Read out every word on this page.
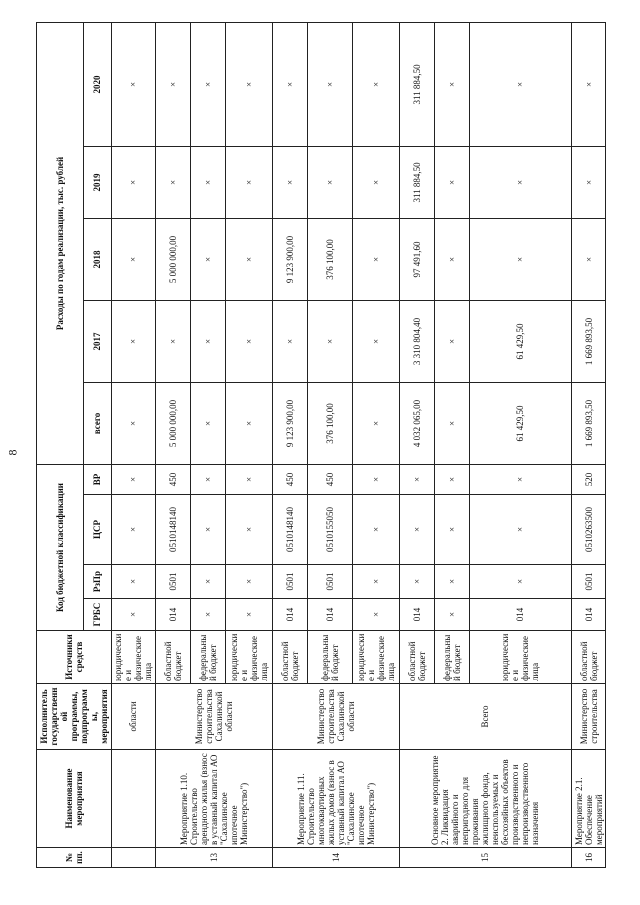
8
№ пп.	Наименование мероприятия	Исполнитель государственной программы, подпрограммы, мероприятия	Источники средств	Код бюджетной классификации				Расходы по годам реализации, тыс. рублей				
				ГРБС	РзПр	ЦСР	ВР	всего	2017	2018	2019	2020
		области	юридические и физические лица	×	×	×	×	×	×	×	×	×
13	Мероприятие 1.10. Строительство арендного жилья (взнос в уставный капитал АО "Сахалинское ипотечное Министерство")	Министерство строительства Сахалинской области	областной бюджет	014	0501	0510148140	450	5 000 000,00	×	5 000 000,00	×	×
			федеральный бюджет	×	×	×	×	×	×	×	×	×
			юридические и физические лица	×	×	×	×	×	×	×	×	×
14	Мероприятие 1.11. Строительство многоквартирных жилых домов (взнос в уставный капитал АО "Сахалинское ипотечное Министерство")	Министерство строительства Сахалинской области	областной бюджет	014	0501	0510148140	450	9 123 900,00	×	9 123 900,00	×	×
			федеральный бюджет	014	0501	0510155050	450	376 100,00	×	376 100,00	×	×
			юридические и физические лица	×	×	×	×	×	×	×	×	×
15	Основное мероприятие 2. Ликвидация аварийного и непригодного для проживания жилищного фонда, неиспользуемых и бесхозяйных объектов производственного и непроизводственного назначения	Всего	областной бюджет	014	×	×	×	4 032 065,00	3 310 804,40	97 491,60	311 884,50	311 884,50
			федеральный бюджет	×	×	×	×	×	×	×	×	×
			юридические и физические лица	014	×	×	×	61 429,50	61 429,50	×	×	×
16	Мероприятие 2.1. Обеспечение мероприятий	Министерство строительства	областной бюджет	014	0501	0510263500	520	1 669 893,50	1 669 893,50	×	×	×
